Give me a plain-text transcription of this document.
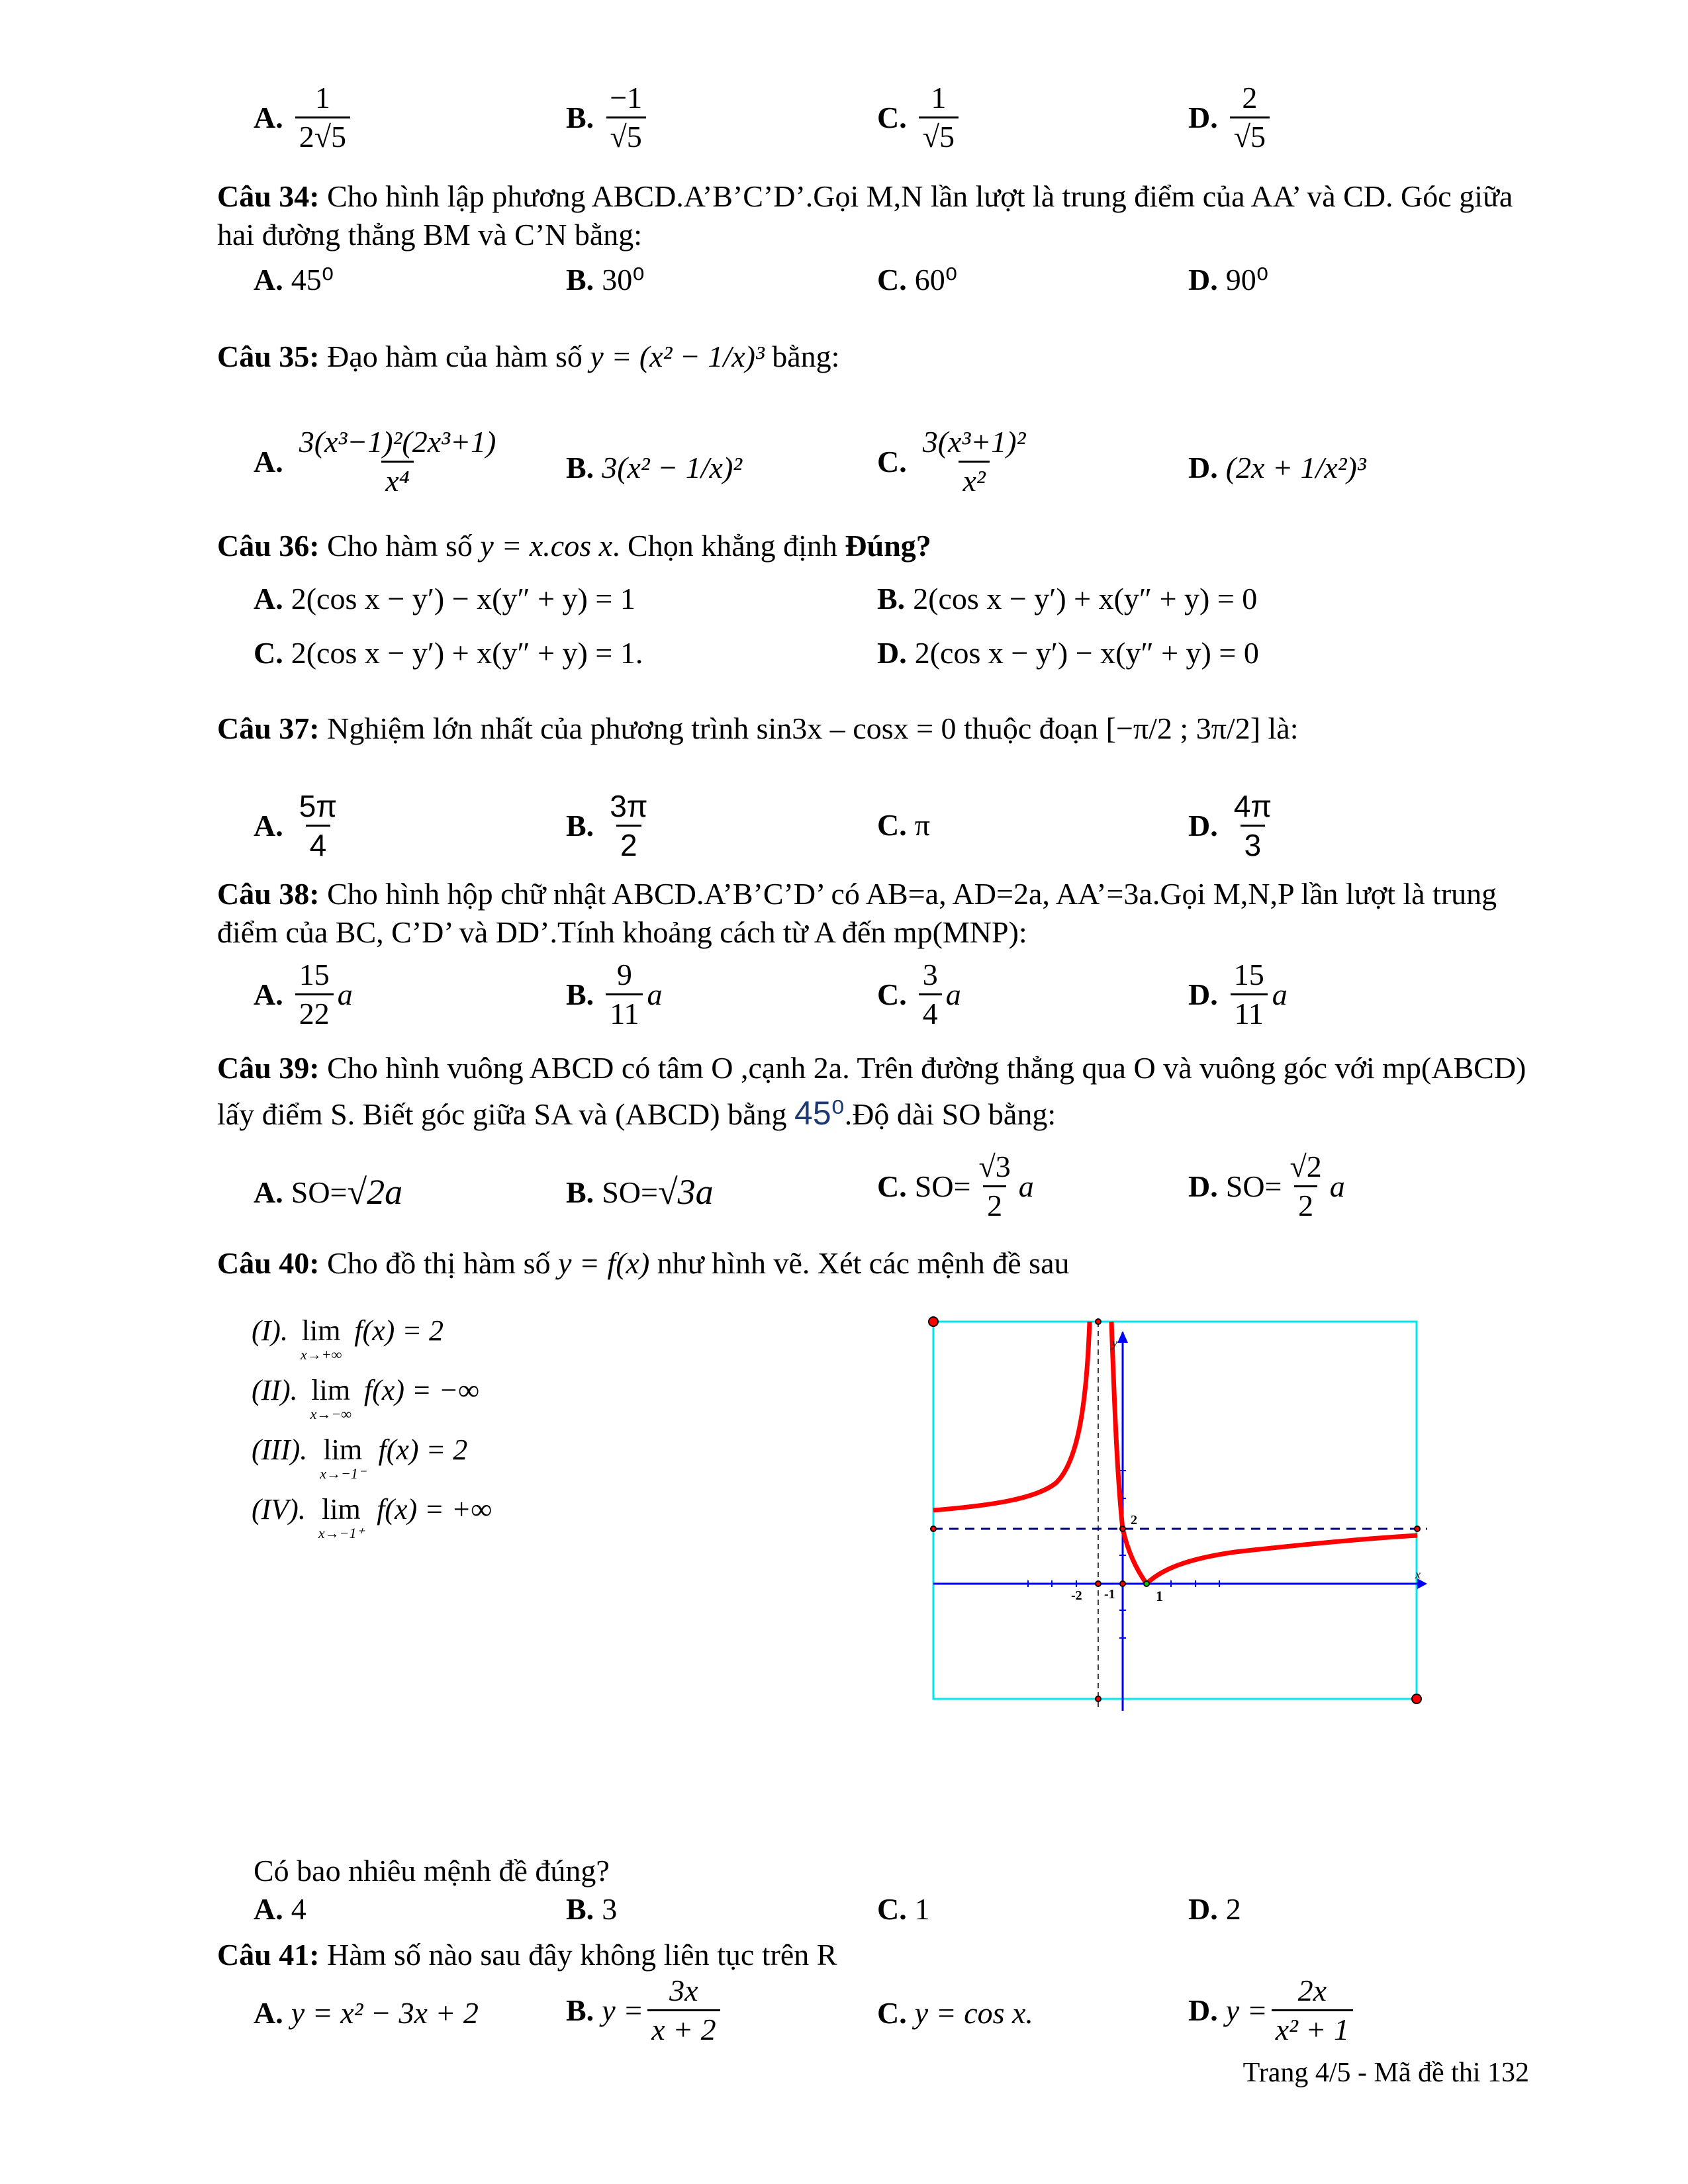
A. $\frac{1}{2√5}$	B. $\frac{-1}{√5}$	C. $\frac{1}{√5}$	D. $\frac{2}{√5}$
Câu 34: Cho hình lập phương ABCD.A’B’C’D’.Gọi M,N lần lượt là trung điểm của AA’ và CD. Góc giữa hai đường thẳng BM và C’N bằng:
A. 45⁰	B. 30⁰	C. 60⁰	D. 90⁰
Câu 35: Đạo hàm của hàm số y = (x² − 1/x)³ bằng:
A. $\frac{\text{3(x³−1)²(2x³+1)}}{\text{x⁴}} B$. 3(x² − 1/x)²	C. $\frac{\text{3(x³+1)²}}{\text{x²}}$	D. (2x + 1/x²)³
Câu 36: Cho hàm số y = x.cos x. Chọn khẳng định Đúng?
A. 2(cos x − y′) − x(y″ + y) = 1	B. 2(cos x − y′) + x(y″ + y) = 0
C. 2(cos x − y′) + x(y″ + y) = 1.	D. 2(cos x − y′) − x(y″ + y) = 0
Câu 37: Nghiệm lớn nhất của phương trình sin3x – cosx = 0 thuộc đoạn [−π/2 ; 3π/2] là:
A. $\frac{5\pi}{4}$	B. $\frac{3\pi}{2}$	C. π	D. $\frac{4\pi}{3}$
Câu 38: Cho hình hộp chữ nhật ABCD.A’B’C’D’ có AB=a, AD=2a, AA’=3a.Gọi M,N,P lần lượt là trung điểm của BC, C’D’ và DD’.Tính khoảng cách từ A đến mp(MNP):
A. $\frac{15}{22}$ a	B. $\frac{9}{11}$ a	C. $\frac{3}{4}$ a	D. $\frac{15}{11}$ a
Câu 39: Cho hình vuông ABCD có tâm O ,cạnh 2a. Trên đường thẳng qua O và vuông góc với mp(ABCD) lấy điểm S. Biết góc giữa SA và (ABCD) bằng 45⁰.Độ dài SO bằng:
A. SO= √2a	B. SO= √3a	C. $SO= \frac{√3}{2}$ a	D. $SO= \frac{√2}{2}$ a
Câu 40: Cho đồ thị hàm số y = f(x) như hình vẽ. Xét các mệnh đề sau
(I). lim
x→+∞
f(x) = 2
(II). lim
x→−∞
f(x) = −∞
(III). lim
x→−1⁻
f(x) = 2
(IV). lim
x→−1⁺
f(x) = +∞
-2 -1	1
2
y
x
Có bao nhiêu mệnh đề đúng?
A. 4	B. 3	C. 1	D. 2
Câu 41: Hàm số nào sau đây không liên tục trên R
A. y = x² − 3x + 2	B. $y = \frac{3x}{x + 2}$	C. y = cos x.	D. $y = \frac{2x}{\text{x² + 1}}$
Trang 4/5 - Mã đề thi 132
